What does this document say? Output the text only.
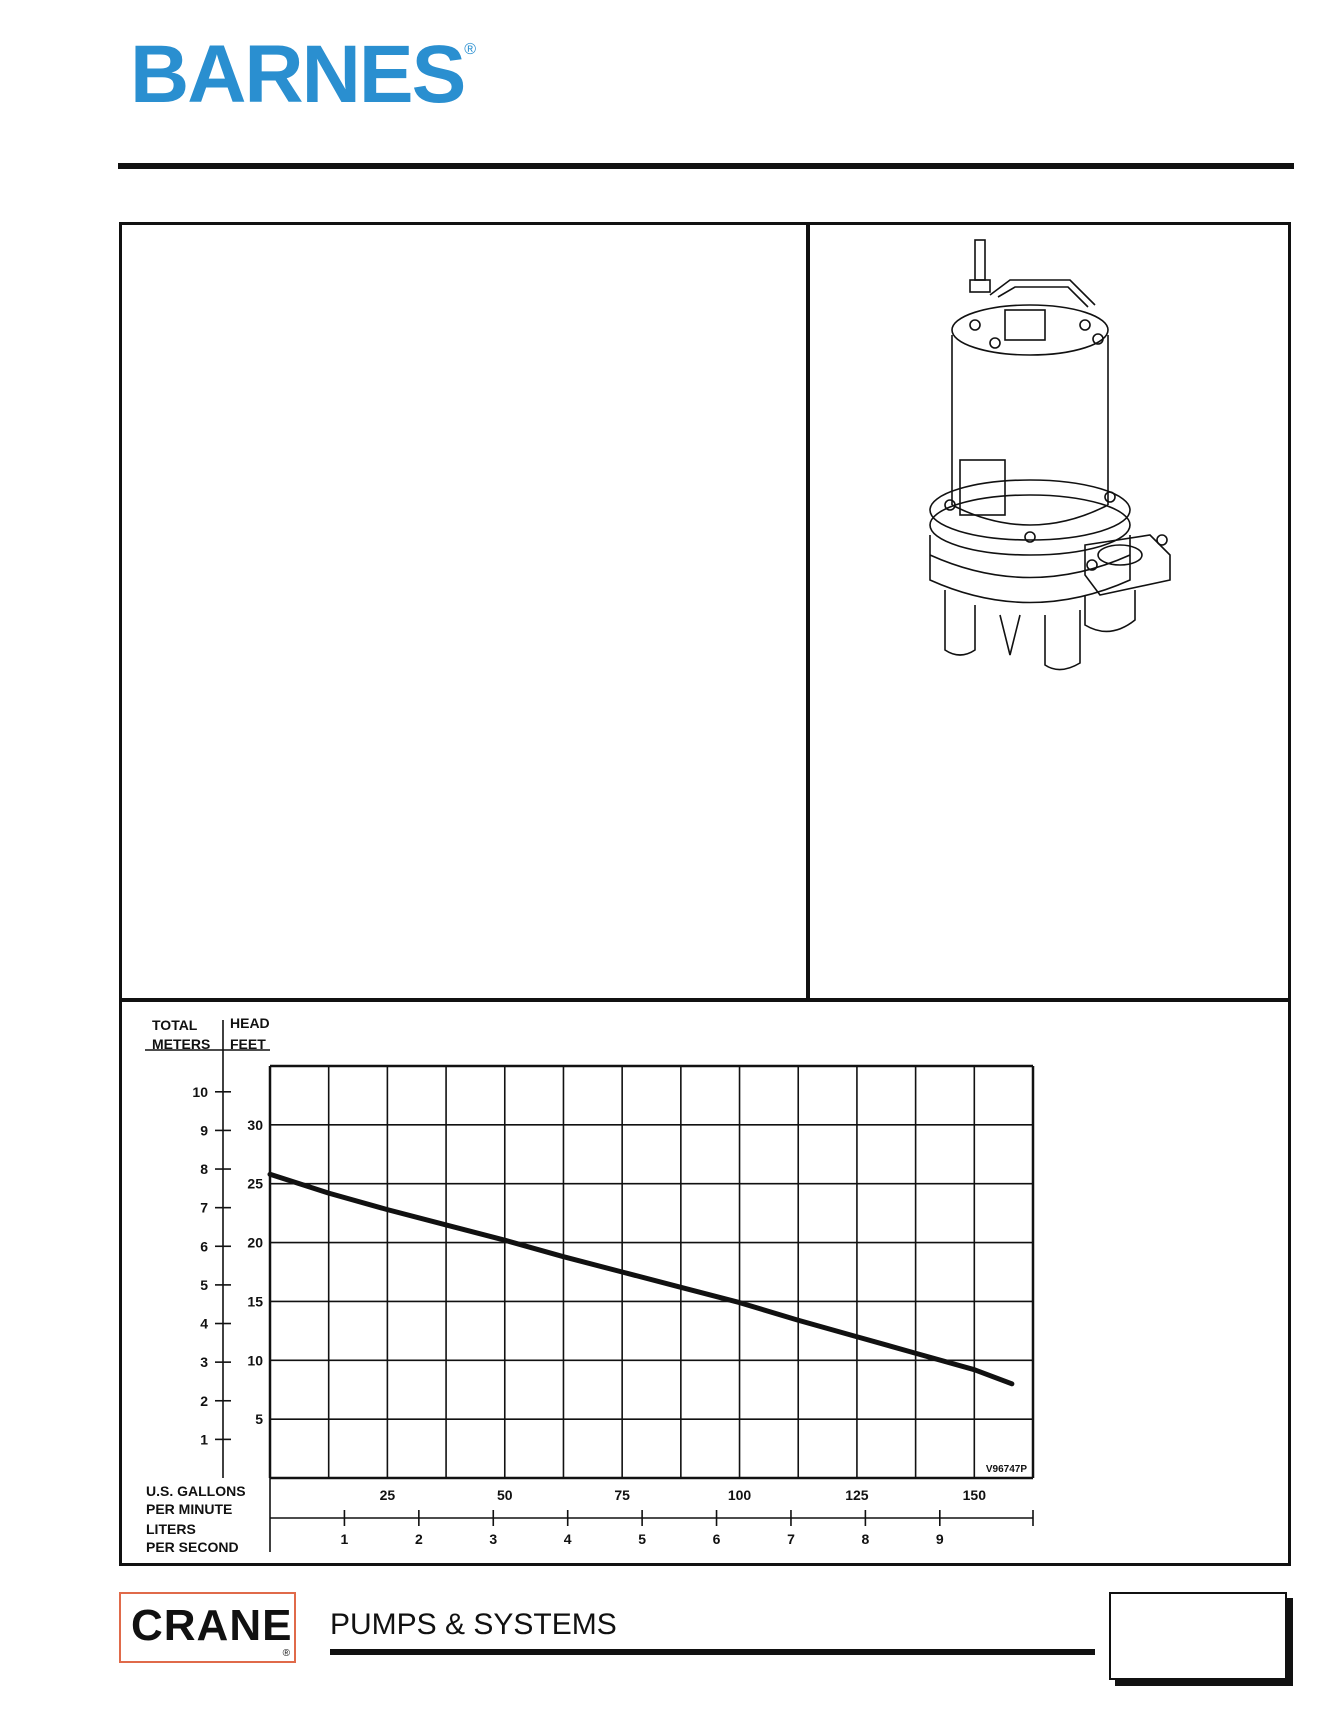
BARNES®
5
10
15
20
25
30
1
2
3
4
5
6
7
8
9
10
TOTAL
METERS
HEAD
FEET
25	50	75	100	125	150
1	2	3	4	5	6	7	8	9
U.S. GALLONS
PER MINUTE
LITERS
PER SECOND
V96747P
CRANE
®
PUMPS & SYSTEMS
